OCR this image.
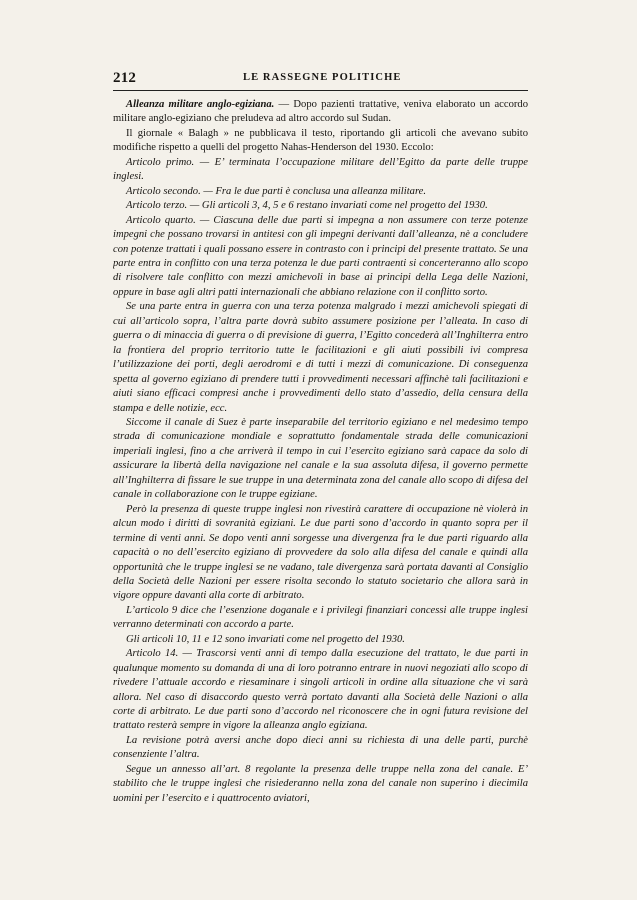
212	LE RASSEGNE POLITICHE

Alleanza militare anglo-egiziana. — Dopo pazienti trattative, veniva elaborato un accordo militare anglo-egiziano che preludeva ad altro accordo sul Sudan.

Il giornale « Balagh » ne pubblicava il testo, riportando gli articoli che avevano subito modifiche rispetto a quelli del progetto Nahas-Henderson del 1930. Eccolo:

Articolo primo. — E’ terminata l’occupazione militare dell’Egitto da parte delle truppe inglesi.

Articolo secondo. — Fra le due parti è conclusa una alleanza militare.

Articolo terzo. — Gli articoli 3, 4, 5 e 6 restano invariati come nel progetto del 1930.

Articolo quarto. — Ciascuna delle due parti si impegna a non assumere con terze potenze impegni che possano trovarsi in antitesi con gli impegni derivanti dall’alleanza, nè a concludere con potenze trattati i quali possano essere in contrasto con i principi del presente trattato. Se una parte entra in conflitto con una terza potenza le due parti contraenti si concerteranno allo scopo di risolvere tale conflitto con mezzi amichevoli in base ai principi della Lega delle Nazioni, oppure in base agli altri patti internazionali che abbiano relazione con il conflitto sorto.

Se una parte entra in guerra con una terza potenza malgrado i mezzi amichevoli spiegati di cui all’articolo sopra, l’altra parte dovrà subito assumere posizione per l’alleata. In caso di guerra o di minaccia di guerra o di previsione di guerra, l’Egitto concederà all’Inghilterra entro la frontiera del proprio territorio tutte le facilitazioni e gli aiuti possibili ivi compresa l’utilizzazione dei porti, degli aerodromi e di tutti i mezzi di comunicazione. Di conseguenza spetta al governo egiziano di prendere tutti i provvedimenti necessari affinchè tali facilitazioni e aiuti siano efficaci compresi anche i provvedimenti dello stato d’assedio, della censura della stampa e delle notizie, ecc.

Siccome il canale di Suez è parte inseparabile del territorio egiziano e nel medesimo tempo strada di comunicazione mondiale e soprattutto fondamentale strada delle comunicazioni imperiali inglesi, fino a che arriverà il tempo in cui l’esercito egiziano sarà capace da solo di assicurare la libertà della navigazione nel canale e la sua assoluta difesa, il governo permette all’Inghilterra di fissare le sue truppe in una determinata zona del canale allo scopo di difesa del canale in collaborazione con le truppe egiziane.

Però la presenza di queste truppe inglesi non rivestirà carattere di occupazione nè violerà in alcun modo i diritti di sovranità egiziani. Le due parti sono d’accordo in quanto sopra per il termine di venti anni. Se dopo venti anni sorgesse una divergenza fra le due parti riguardo alla capacità o no dell’esercito egiziano di provvedere da solo alla difesa del canale e quindi alla opportunità che le truppe inglesi se ne vadano, tale divergenza sarà portata davanti al Consiglio della Società delle Nazioni per essere risolta secondo lo statuto societario che allora sarà in vigore oppure davanti alla corte di arbitrato.

L’articolo 9 dice che l’esenzione doganale e i privilegi finanziari concessi alle truppe inglesi verranno determinati con accordo a parte.

Gli articoli 10, 11 e 12 sono invariati come nel progetto del 1930.

Articolo 14. — Trascorsi venti anni di tempo dalla esecuzione del trattato, le due parti in qualunque momento su domanda di una di loro potranno entrare in nuovi negoziati allo scopo di rivedere l’attuale accordo e riesaminare i singoli articoli in ordine alla situazione che vi sarà allora. Nel caso di disaccordo questo verrà portato davanti alla Società delle Nazioni o alla corte di arbitrato. Le due parti sono d’accordo nel riconoscere che in ogni futura revisione del trattato resterà sempre in vigore la alleanza anglo egiziana.

La revisione potrà aversi anche dopo dieci anni su richiesta di una delle parti, purchè consenziente l’altra.

Segue un annesso all’art. 8 regolante la presenza delle truppe nella zona del canale. E’ stabilito che le truppe inglesi che risiederanno nella zona del canale non superino i diecimila uomini per l’esercito e i quattrocento aviatori,
